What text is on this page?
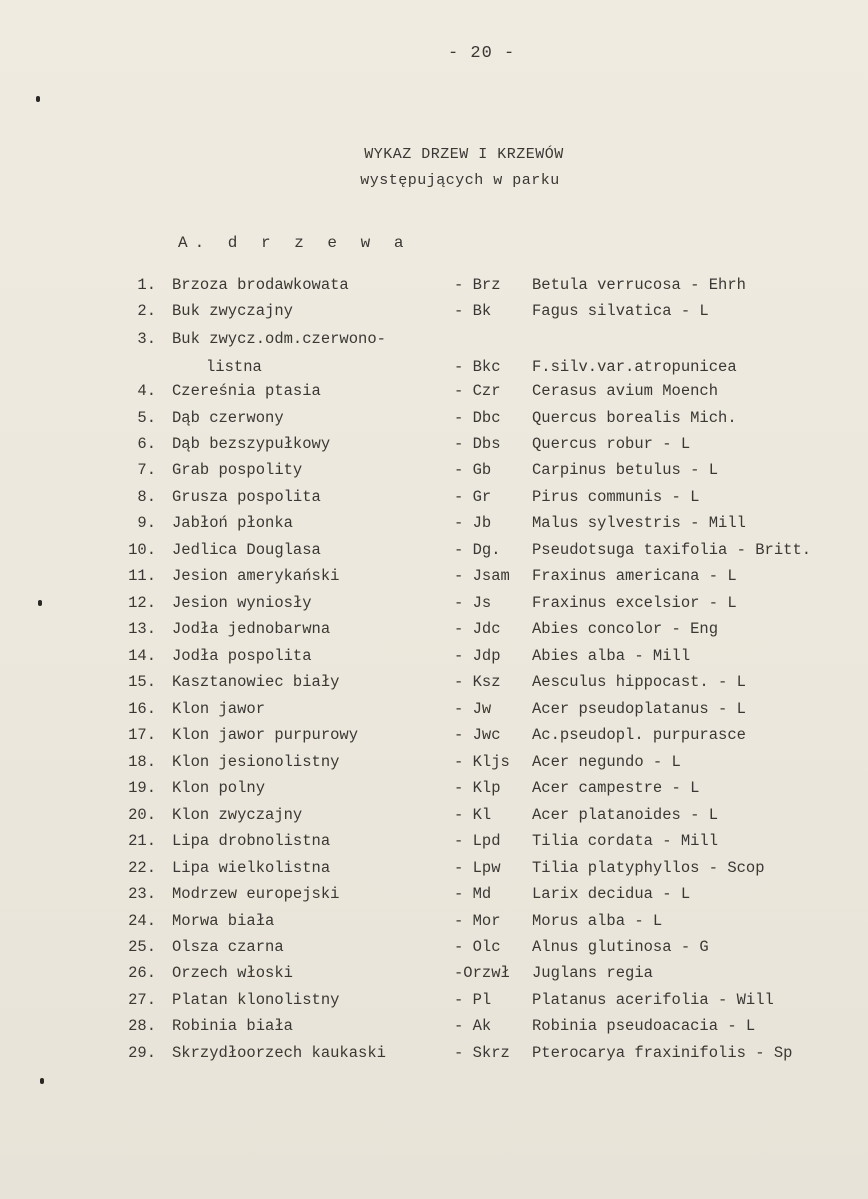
- 20 -
WYKAZ DRZEW I KRZEWÓW
występujących w parku
A. d r z e w a
1. Brzoza brodawkowata	- Brz Betula verrucosa - Ehrh
2. Buk zwyczajny	- Bk	Fagus silvatica - L
3. Buk zwycz.odm.czerwono-
listna	- Bkc F.silv.var.atropunicea
4. Czereśnia ptasia	- Czr Cerasus avium Moench
5. Dąb czerwony	- Dbc Quercus borealis Mich.
6. Dąb bezszypułkowy	- Dbs Quercus robur - L
7. Grab pospolity	- Gb	Carpinus betulus - L
8. Grusza pospolita	- Gr	Pirus communis - L
9. Jabłoń płonka	- Jb	Malus sylvestris - Mill
10. Jedlica Douglasa	- Dg. Pseudotsuga taxifolia - Britt.
11. Jesion amerykański	- Jsam Fraxinus americana - L
12. Jesion wyniosły	- Js	Fraxinus excelsior - L
13. Jodła jednobarwna	- Jdc Abies concolor - Eng
14. Jodła pospolita	- Jdp Abies alba - Mill
15. Kasztanowiec biały	- Ksz Aesculus hippocast. - L
16. Klon jawor	- Jw	Acer pseudoplatanus - L
17. Klon jawor purpurowy	- Jwc Ac.pseudopl. purpurasce
18. Klon jesionolistny	- Kljs Acer negundo - L
19. Klon polny	- Klp Acer campestre - L
20. Klon zwyczajny	- Kl	Acer platanoides - L
21. Lipa drobnolistna	- Lpd Tilia cordata - Mill
22. Lipa wielkolistna	- Lpw Tilia platyphyllos - Scop
23. Modrzew europejski	- Md	Larix decidua - L
24. Morwa biała	- Mor Morus alba - L
25. Olsza czarna	- Olc Alnus glutinosa - G
26. Orzech włoski	-Orzwł Juglans regia
27. Platan klonolistny	- Pl	Platanus acerifolia - Will
28. Robinia biała	- Ak	Robinia pseudoacacia - L
29. Skrzydłoorzech kaukaski	- Skrz Pterocarya fraxinifolis - Sp
